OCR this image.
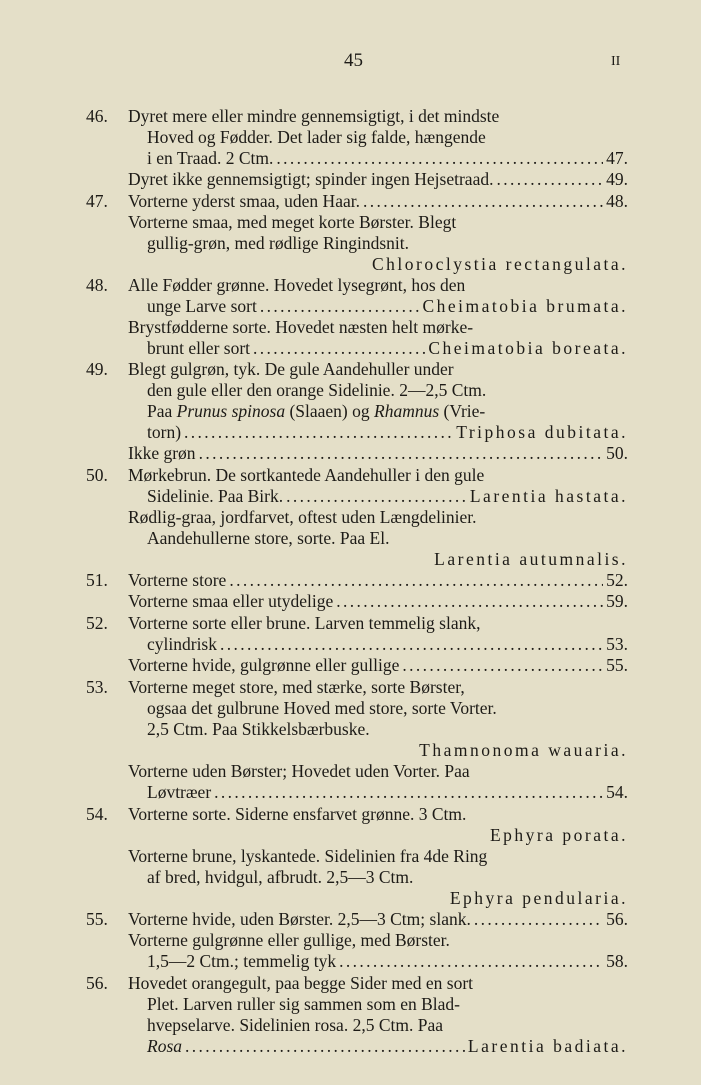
45	II
46. Dyret mere eller mindre gennemsigtigt, i det mindste
Hoved og Fødder. Det lader sig falde, hængende
i en Traad. 2 Ctm. . . .	47.
Dyret ikke gennemsigtigt; spinder ingen Hejsetraad. . . .	49.
47. Vorterne yderst smaa, uden Haar. . . .	48.
Vorterne smaa, med meget korte Børster. Blegt
gullig-grøn, med rødlige Ringindsnit.
Chloroclystia rectangulata.
48. Alle Fødder grønne. Hovedet lysegrønt, hos den
unge Larve sort . . .	Cheimatobia brumata.
Brystfødderne sorte. Hovedet næsten helt mørke-
brunt eller sort . . .	Cheimatobia boreata.
49. Blegt gulgrøn, tyk. De gule Aandehuller under
den gule eller den orange Sidelinie. 2—2,5 Ctm.
Paa Prunus spinosa (Slaaen) og Rhamnus (Vrie-
torn) . . .	Triphosa dubitata.
Ikke grøn . . .	50.
50. Mørkebrun. De sortkantede Aandehuller i den gule
Sidelinie. Paa Birk. . . .	Larentia hastata.
Rødlig-graa, jordfarvet, oftest uden Længdelinier.
Aandehullerne store, sorte. Paa El.
Larentia autumnalis.
51. Vorterne store . . .	52.
Vorterne smaa eller utydelige . . .	59.
52. Vorterne sorte eller brune. Larven temmelig slank,
cylindrisk . . .	53.
Vorterne hvide, gulgrønne eller gullige . . .	55.
53. Vorterne meget store, med stærke, sorte Børster,
ogsaa det gulbrune Hoved med store, sorte Vorter.
2,5 Ctm. Paa Stikkelsbærbuske.
Thamnonoma wauaria.
Vorterne uden Børster; Hovedet uden Vorter. Paa
Løvtræer . . .	54.
54. Vorterne sorte. Siderne ensfarvet grønne. 3 Ctm.
Ephyra porata.
Vorterne brune, lyskantede. Sidelinien fra 4de Ring
af bred, hvidgul, afbrudt. 2,5—3 Ctm.
Ephyra pendularia.
55. Vorterne hvide, uden Børster. 2,5—3 Ctm; slank. . . .	56.
Vorterne gulgrønne eller gullige, med Børster.
1,5—2 Ctm.; temmelig tyk . . .	58.
56. Hovedet orangegult, paa begge Sider med en sort
Plet. Larven ruller sig sammen som en Blad-
hvepselarve. Sidelinien rosa. 2,5 Ctm. Paa
Rosa . . .	Larentia badiata.
